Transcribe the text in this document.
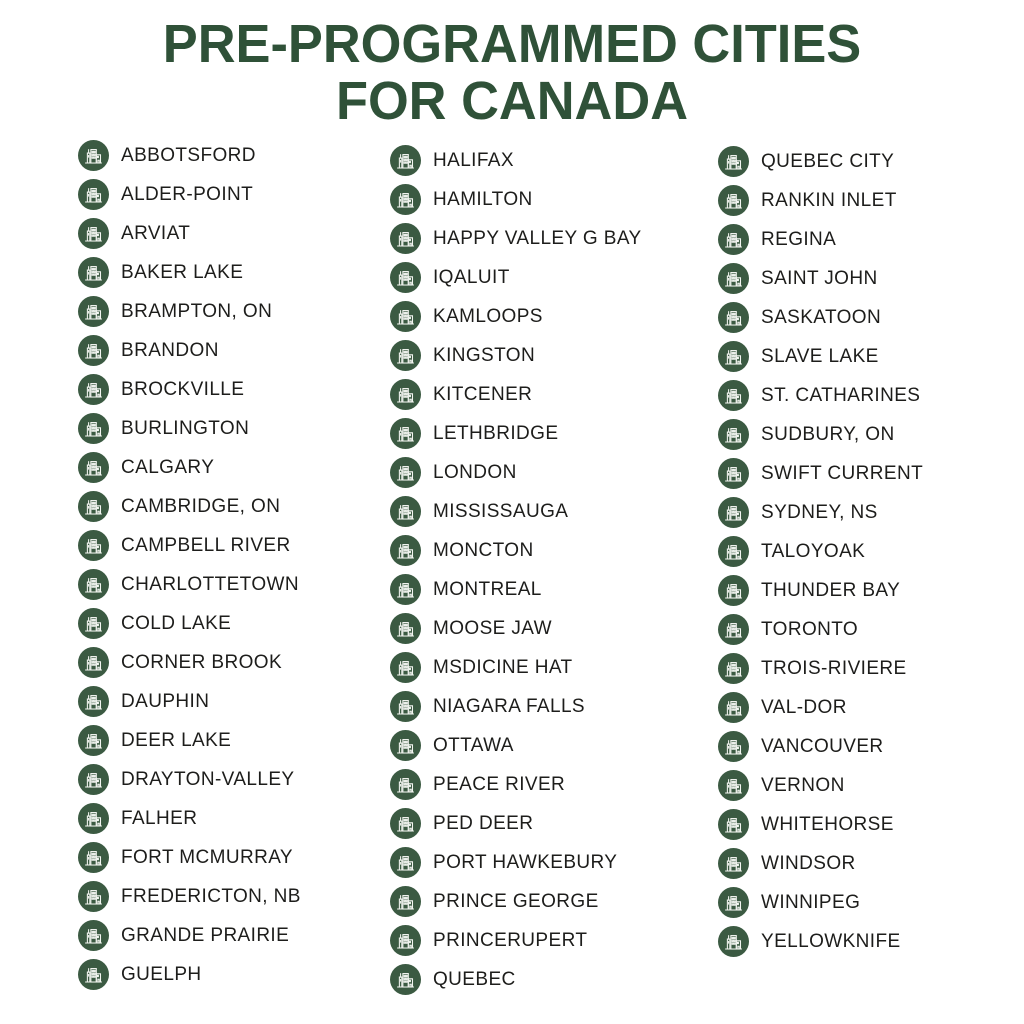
PRE-PROGRAMMED CITIES
FOR CANADA
ABBOTSFORD
ALDER-POINT
ARVIAT
BAKER LAKE
BRAMPTON, ON
BRANDON
BROCKVILLE
BURLINGTON
CALGARY
CAMBRIDGE, ON
CAMPBELL RIVER
CHARLOTTETOWN
COLD LAKE
CORNER BROOK
DAUPHIN
DEER LAKE
DRAYTON-VALLEY
FALHER
FORT MCMURRAY
FREDERICTON, NB
GRANDE PRAIRIE
GUELPH
HALIFAX
HAMILTON
HAPPY VALLEY G BAY
IQALUIT
KAMLOOPS
KINGSTON
KITCENER
LETHBRIDGE
LONDON
MISSISSAUGA
MONCTON
MONTREAL
MOOSE JAW
MSDICINE HAT
NIAGARA FALLS
OTTAWA
PEACE RIVER
PED DEER
PORT HAWKEBURY
PRINCE GEORGE
PRINCERUPERT
QUEBEC
QUEBEC CITY
RANKIN INLET
REGINA
SAINT JOHN
SASKATOON
SLAVE LAKE
ST. CATHARINES
SUDBURY, ON
SWIFT CURRENT
SYDNEY, NS
TALOYOAK
THUNDER BAY
TORONTO
TROIS-RIVIERE
VAL-DOR
VANCOUVER
VERNON
WHITEHORSE
WINDSOR
WINNIPEG
YELLOWKNIFE
